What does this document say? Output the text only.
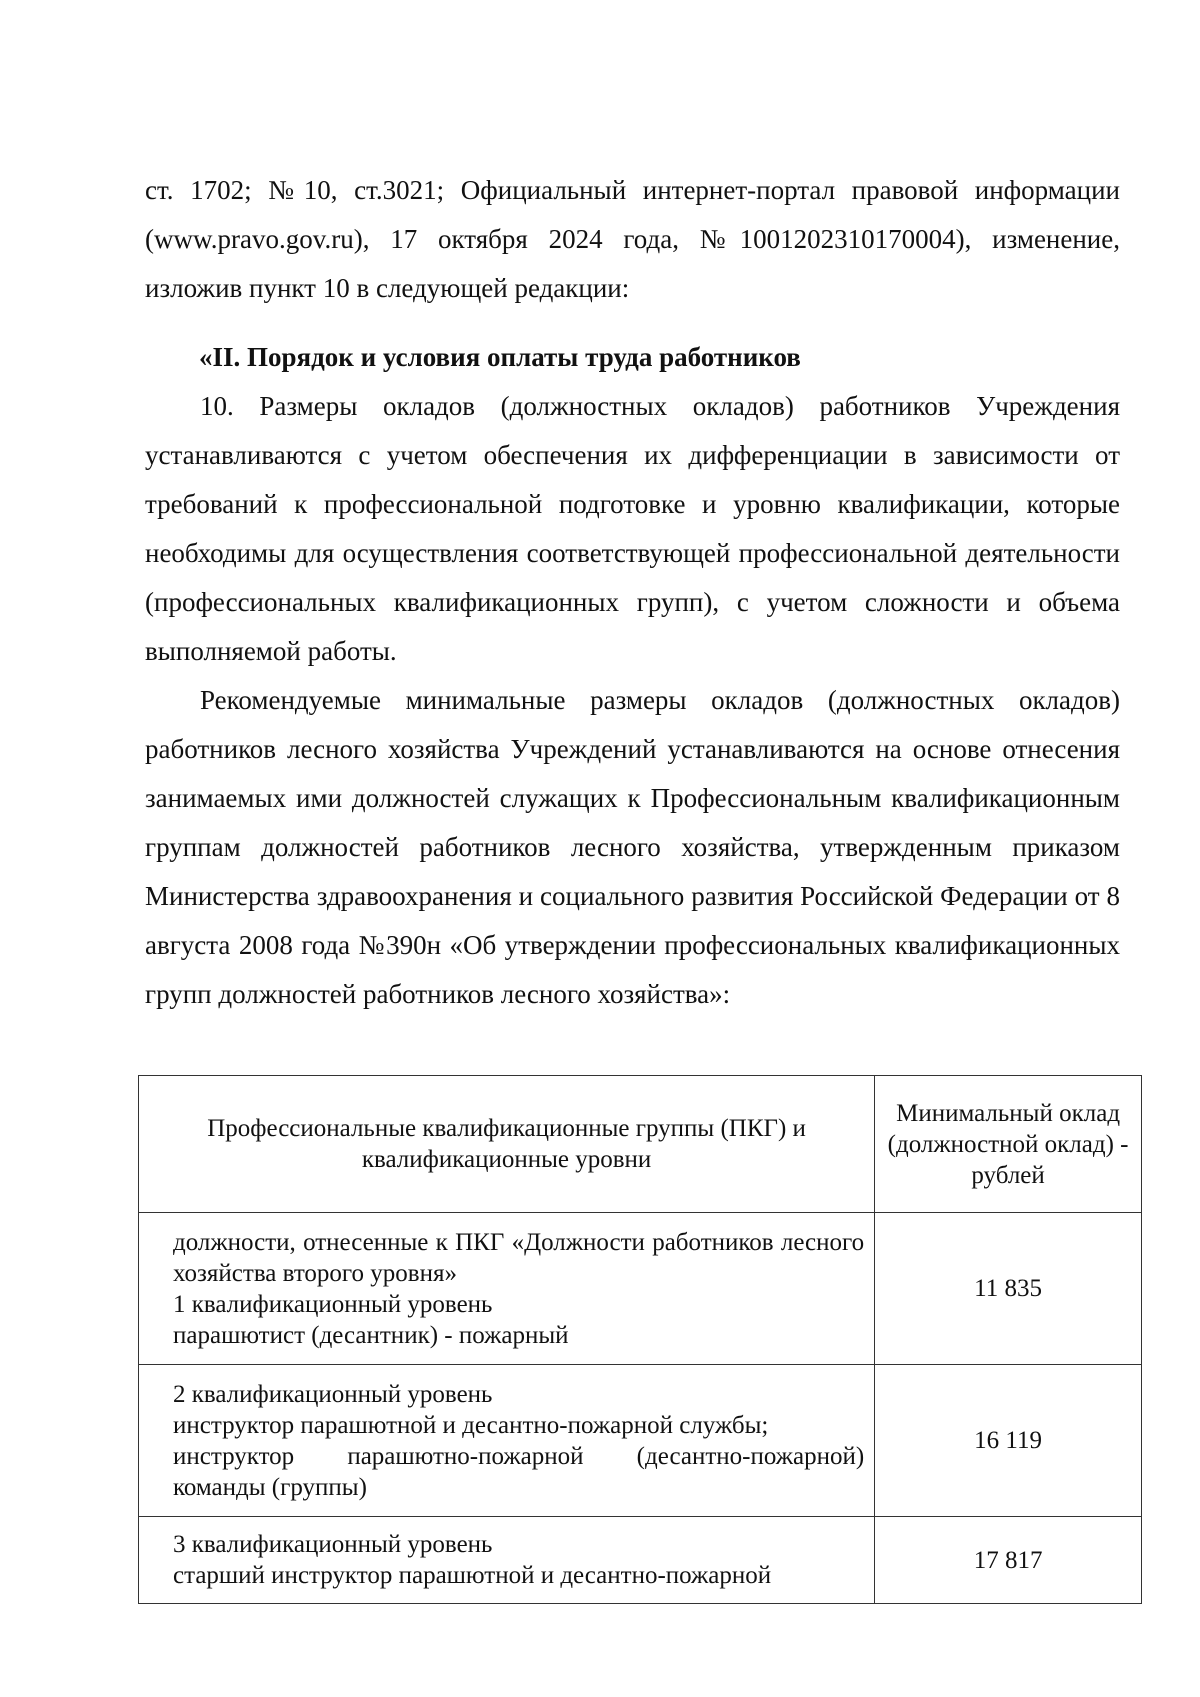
ст. 1702; №10, ст.3021; Официальный интернет-портал правовой информации (www.pravo.gov.ru), 17 октября 2024 года, №1001202310170004), изменение, изложив пункт 10 в следующей редакции:
«II. Порядок и условия оплаты труда работников
10. Размеры окладов (должностных окладов) работников Учреждения устанавливаются с учетом обеспечения их дифференциации в зависимости от требований к профессиональной подготовке и уровню квалификации, которые необходимы для осуществления соответствующей профессиональной деятельности (профессиональных квалификационных групп), с учетом сложности и объема выполняемой работы.
Рекомендуемые минимальные размеры окладов (должностных окладов) работников лесного хозяйства Учреждений устанавливаются на основе отнесения занимаемых ими должностей служащих к Профессиональным квалификационным группам должностей работников лесного хозяйства, утвержденным приказом Министерства здравоохранения и социального развития Российской Федерации от 8 августа 2008 года №390н «Об утверждении профессиональных квалификационных групп должностей работников лесного хозяйства»:
Профессиональные квалификационные группы (ПКГ) и квалификационные уровни	Минимальный оклад (должностной оклад) - рублей

должности, отнесенные к ПКГ «Должности работников лесного хозяйства второго уровня»
1 квалификационный уровень
парашютист (десантник) - пожарный	11 835

2 квалификационный уровень
инструктор парашютной и десантно-пожарной службы;
инструктор парашютно-пожарной (десантно-пожарной) команды (группы)	16 119

3 квалификационный уровень
старший инструктор парашютной и десантно-пожарной	17 817
